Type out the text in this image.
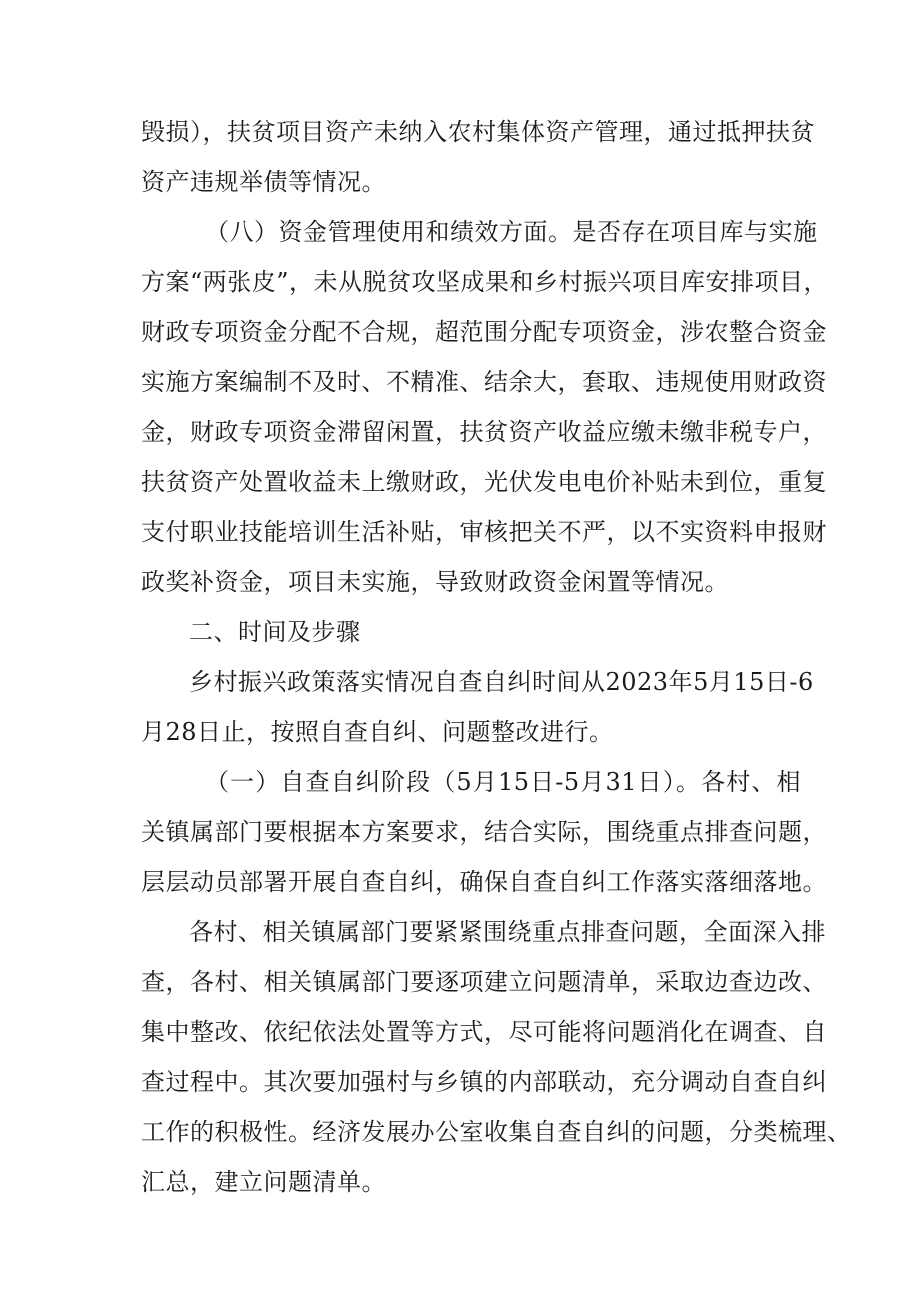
毁损），扶贫项目资产未纳入农村集体资产管理，通过抵押扶贫
资产违规举债等情况。
（八）资金管理使用和绩效方面。是否存在项目库与实施
方案“两张皮”，未从脱贫攻坚成果和乡村振兴项目库安排项目，
财政专项资金分配不合规，超范围分配专项资金，涉农整合资金
实施方案编制不及时、不精准、结余大，套取、违规使用财政资
金，财政专项资金滞留闲置，扶贫资产收益应缴未缴非税专户，
扶贫资产处置收益未上缴财政，光伏发电电价补贴未到位，重复
支付职业技能培训生活补贴，审核把关不严，以不实资料申报财
政奖补资金，项目未实施，导致财政资金闲置等情况。
二、时间及步骤
乡村振兴政策落实情况自查自纠时间从2023年5月15日-6
月28日止，按照自查自纠、问题整改进行。
（一）自查自纠阶段（5月15日-5月31日）。各村、相
关镇属部门要根据本方案要求，结合实际，围绕重点排查问题，
层层动员部署开展自查自纠，确保自查自纠工作落实落细落地。
各村、相关镇属部门要紧紧围绕重点排查问题，全面深入排
查，各村、相关镇属部门要逐项建立问题清单，采取边查边改、
集中整改、依纪依法处置等方式，尽可能将问题消化在调查、自
查过程中。其次要加强村与乡镇的内部联动，充分调动自查自纠
工作的积极性。经济发展办公室收集自查自纠的问题，分类梳理、
汇总，建立问题清单。
